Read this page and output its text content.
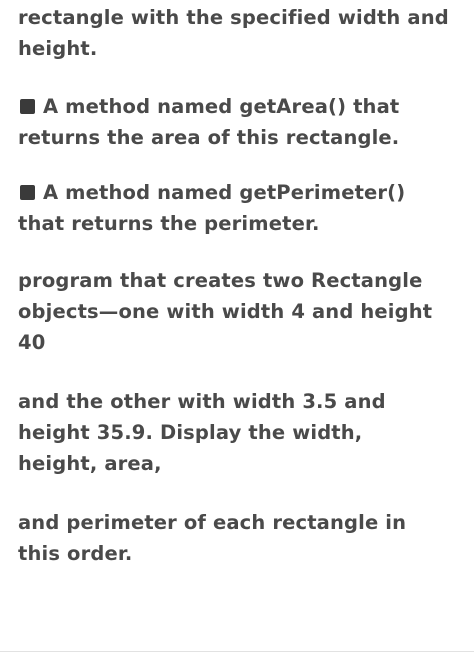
rectangle with the specified width and
height.

A method named getArea() that
returns the area of this rectangle.

A method named getPerimeter()
that returns the perimeter.

program that creates two Rectangle
objects—one with width 4 and height
40

and the other with width 3.5 and
height 35.9. Display the width,
height, area,

and perimeter of each rectangle in
this order.
